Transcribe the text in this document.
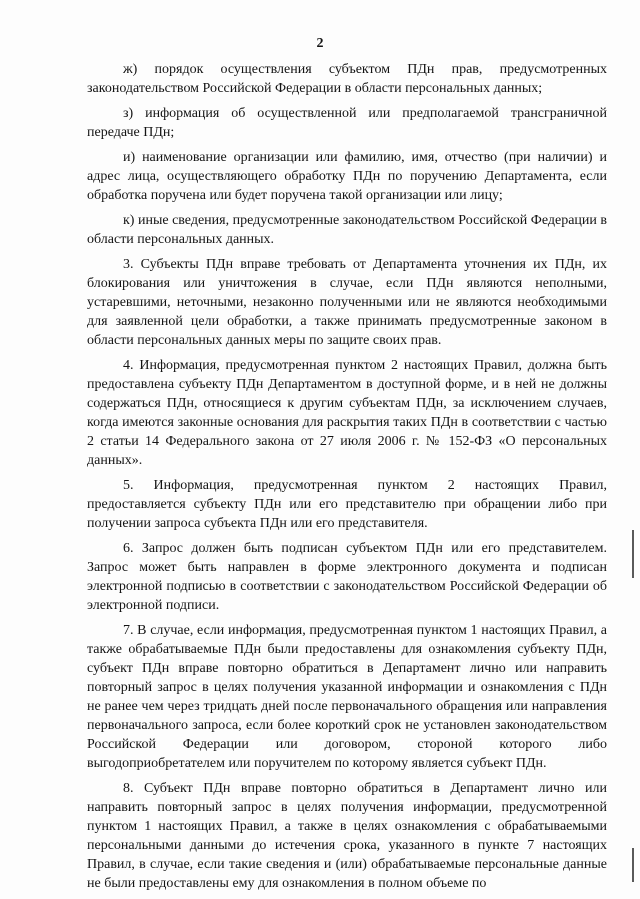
2

ж) порядок осуществления субъектом ПДн прав, предусмотренных законодательством Российской Федерации в области персональных данных;

з) информация об осуществленной или предполагаемой трансграничной передаче ПДн;

и) наименование организации или фамилию, имя, отчество (при наличии) и адрес лица, осуществляющего обработку ПДн по поручению Департамента, если обработка поручена или будет поручена такой организации или лицу;

к) иные сведения, предусмотренные законодательством Российской Федерации в области персональных данных.

3. Субъекты ПДн вправе требовать от Департамента уточнения их ПДн, их блокирования или уничтожения в случае, если ПДн являются неполными, устаревшими, неточными, незаконно полученными или не являются необходимыми для заявленной цели обработки, а также принимать предусмотренные законом в области персональных данных меры по защите своих прав.

4. Информация, предусмотренная пунктом 2 настоящих Правил, должна быть предоставлена субъекту ПДн Департаментом в доступной форме, и в ней не должны содержаться ПДн, относящиеся к другим субъектам ПДн, за исключением случаев, когда имеются законные основания для раскрытия таких ПДн в соответствии с частью 2 статьи 14 Федерального закона от 27 июля 2006 г. № 152-ФЗ «О персональных данных».

5. Информация, предусмотренная пунктом 2 настоящих Правил, предоставляется субъекту ПДн или его представителю при обращении либо при получении запроса субъекта ПДн или его представителя.

6. Запрос должен быть подписан субъектом ПДн или его представителем. Запрос может быть направлен в форме электронного документа и подписан электронной подписью в соответствии с законодательством Российской Федерации об электронной подписи.

7. В случае, если информация, предусмотренная пунктом 1 настоящих Правил, а также обрабатываемые ПДн были предоставлены для ознакомления субъекту ПДн, субъект ПДн вправе повторно обратиться в Департамент лично или направить повторный запрос в целях получения указанной информации и ознакомления с ПДн не ранее чем через тридцать дней после первоначального обращения или направления первоначального запроса, если более короткий срок не установлен законодательством Российской Федерации или договором, стороной которого либо выгодоприобретателем или поручителем по которому является субъект ПДн.

8. Субъект ПДн вправе повторно обратиться в Департамент лично или направить повторный запрос в целях получения информации, предусмотренной пунктом 1 настоящих Правил, а также в целях ознакомления с обрабатываемыми персональными данными до истечения срока, указанного в пункте 7 настоящих Правил, в случае, если такие сведения и (или) обрабатываемые персональные данные не были предоставлены ему для ознакомления в полном объеме по
